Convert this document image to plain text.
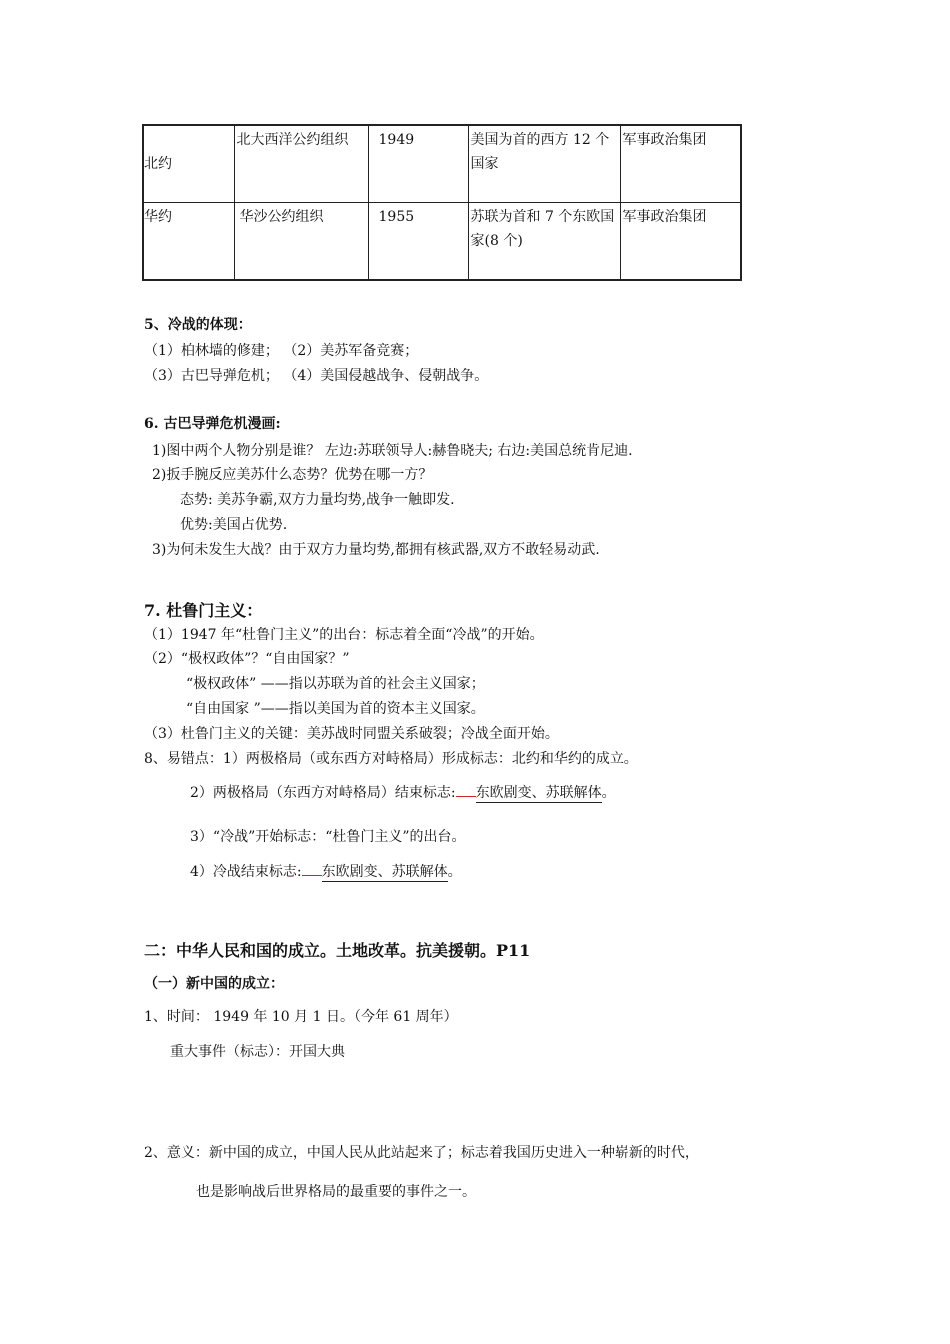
北约	北大西洋公约组织	1949	美国为首的西方 12 个国家	军事政治集团
华约	华沙公约组织	1955	苏联为首和 7 个东欧国家(8 个)	军事政治集团
5、冷战的体现：
（1）柏林墙的修建； （2）美苏军备竞赛；
（3）古巴导弹危机； （4）美国侵越战争、侵朝战争。
6. 古巴导弹危机漫画:
1)图中两个人物分别是谁？ 左边:苏联领导人:赫鲁晓夫; 右边:美国总统肯尼迪.
2)扳手腕反应美苏什么态势？优势在哪一方？
态势: 美苏争霸,双方力量均势,战争一触即发.
优势:美国占优势.
3)为何未发生大战？由于双方力量均势,都拥有核武器,双方不敢轻易动武.
7. 杜鲁门主义：
（1）1947 年“杜鲁门主义”的出台：标志着全面“冷战”的开始。
（2）“极权政体”？“自由国家？”
“极权政体” ——指以苏联为首的社会主义国家；
“自由国家 ”——指以美国为首的资本主义国家。
（3）杜鲁门主义的关键：美苏战时同盟关系破裂；冷战全面开始。
8、易错点：1）两极格局（或东西方对峙格局）形成标志：北约和华约的成立。
2）两极格局（东西方对峙格局）结束标志: 东欧剧变、苏联解体。
3）“冷战”开始标志：“杜鲁门主义”的出台。
4）冷战结束标志: 东欧剧变、苏联解体。
二：中华人民和国的成立。土地改革。抗美援朝。P11
（一）新中国的成立：
1、时间： 1949 年 10 月 1 日。（今年 61 周年）
重大事件（标志）：开国大典
2、意义：新中国的成立，中国人民从此站起来了；标志着我国历史进入一种崭新的时代，
也是影响战后世界格局的最重要的事件之一。
